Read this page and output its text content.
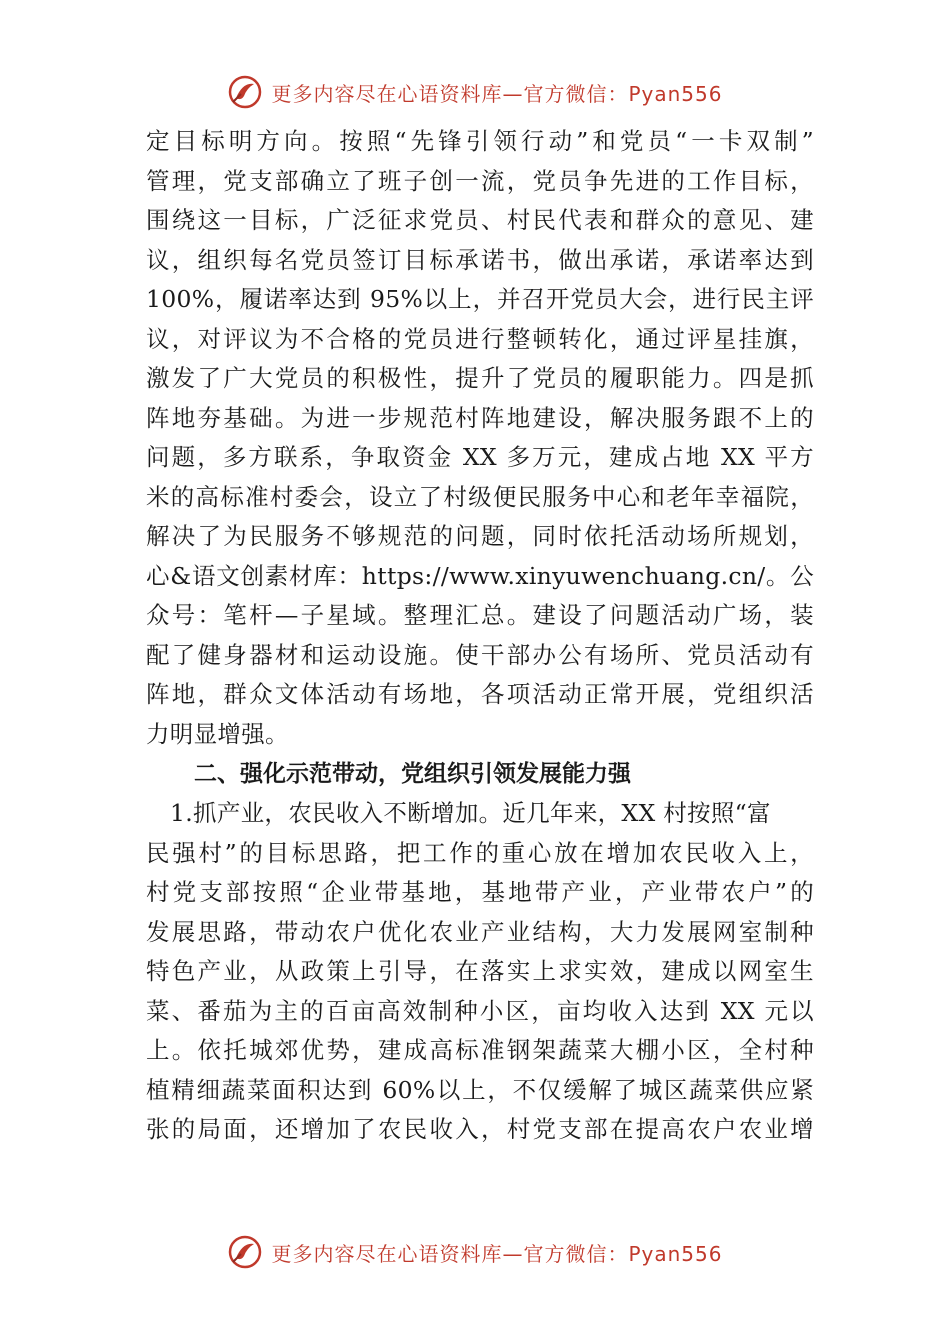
更多内容尽在心语资料库—官方微信：Pyan556
定目标明方向。按照“先锋引领行动”和党员“一卡双制”
管理，党支部确立了班子创一流，党员争先进的工作目标，
围绕这一目标，广泛征求党员、村民代表和群众的意见、建
议，组织每名党员签订目标承诺书，做出承诺，承诺率达到
100%，履诺率达到 95%以上，并召开党员大会，进行民主评
议，对评议为不合格的党员进行整顿转化，通过评星挂旗，
激发了广大党员的积极性，提升了党员的履职能力。四是抓
阵地夯基础。为进一步规范村阵地建设，解决服务跟不上的
问题，多方联系，争取资金 XX 多万元，建成占地 XX 平方
米的高标准村委会，设立了村级便民服务中心和老年幸福院，
解决了为民服务不够规范的问题，同时依托活动场所规划，
心&语文创素材库：https://www.xinyuwenchuang.cn/。公
众号：笔杆—子星域。整理汇总。建设了问题活动广场，装
配了健身器材和运动设施。使干部办公有场所、党员活动有
阵地，群众文体活动有场地，各项活动正常开展，党组织活
力明显增强。
二、强化示范带动，党组织引领发展能力强
1.抓产业，农民收入不断增加。近几年来，XX 村按照“富
民强村”的目标思路，把工作的重心放在增加农民收入上，
村党支部按照“企业带基地，基地带产业，产业带农户”的
发展思路，带动农户优化农业产业结构，大力发展网室制种
特色产业，从政策上引导，在落实上求实效，建成以网室生
菜、番茄为主的百亩高效制种小区，亩均收入达到 XX 元以
上。依托城郊优势，建成高标准钢架蔬菜大棚小区，全村种
植精细蔬菜面积达到 60%以上，不仅缓解了城区蔬菜供应紧
张的局面，还增加了农民收入，村党支部在提高农户农业增
更多内容尽在心语资料库—官方微信：Pyan556
